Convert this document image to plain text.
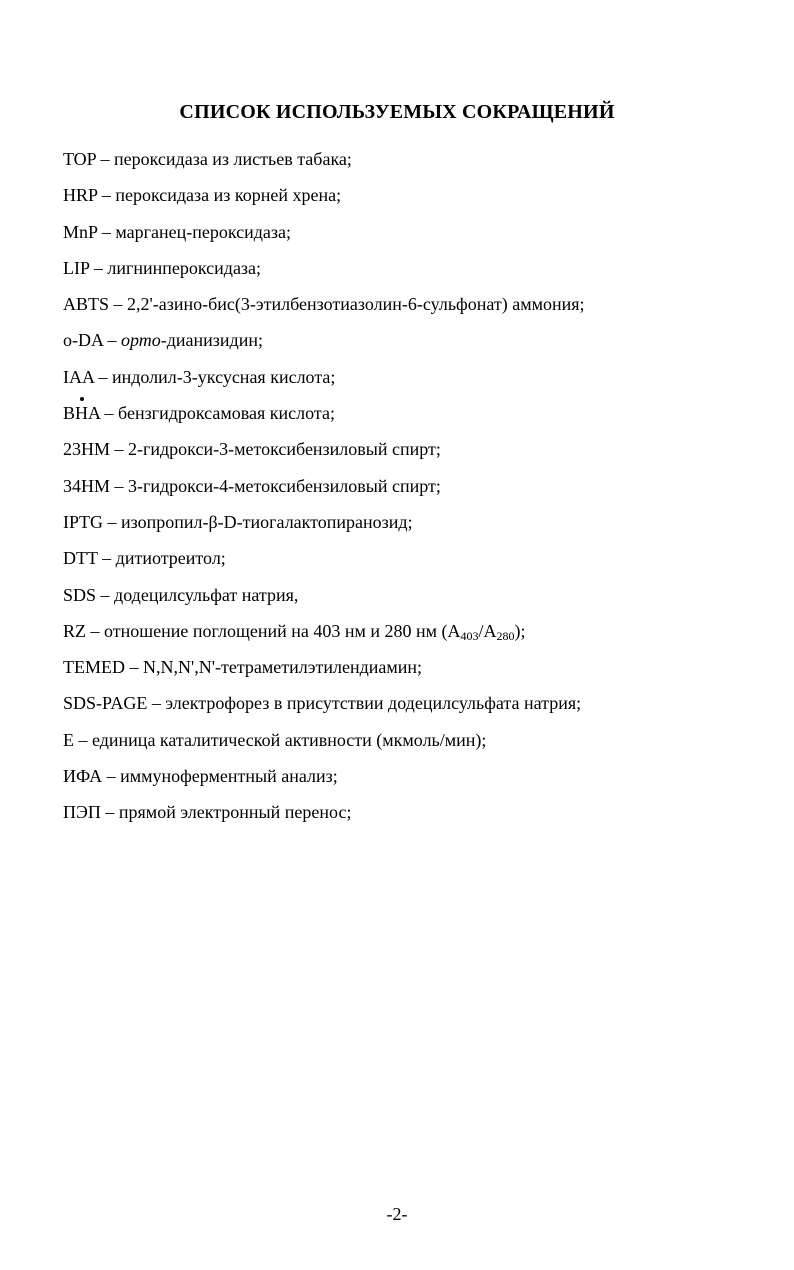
СПИСОК ИСПОЛЬЗУЕМЫХ СОКРАЩЕНИЙ
TOP – пероксидаза из листьев табака;
HRP – пероксидаза из корней хрена;
MnP – марганец-пероксидаза;
LIP – лигнинпероксидаза;
ABTS – 2,2'-азино-бис(3-этилбензотиазолин-6-сульфонат) аммония;
o-DA – орто-дианизидин;
IAA – индолил-3-уксусная кислота;
BHA – бензгидроксамовая кислота;
23HM – 2-гидрокси-3-метоксибензиловый спирт;
34HM – 3-гидрокси-4-метоксибензиловый спирт;
IPTG – изопропил-β-D-тиогалактопиранозид;
DTT – дитиотреитол;
SDS – додецилсульфат натрия,
RZ – отношение поглощений на 403 нм и 280 нм $(A_{403}/A_{280})$;
TEMED – N,N,N',N'-тетраметилэтилендиамин;
SDS-PAGE – электрофорез в присутствии додецилсульфата натрия;
E – единица каталитической активности (мкмоль/мин);
ИФА – иммуноферментный анализ;
ПЭП – прямой электронный перенос;
-2-
